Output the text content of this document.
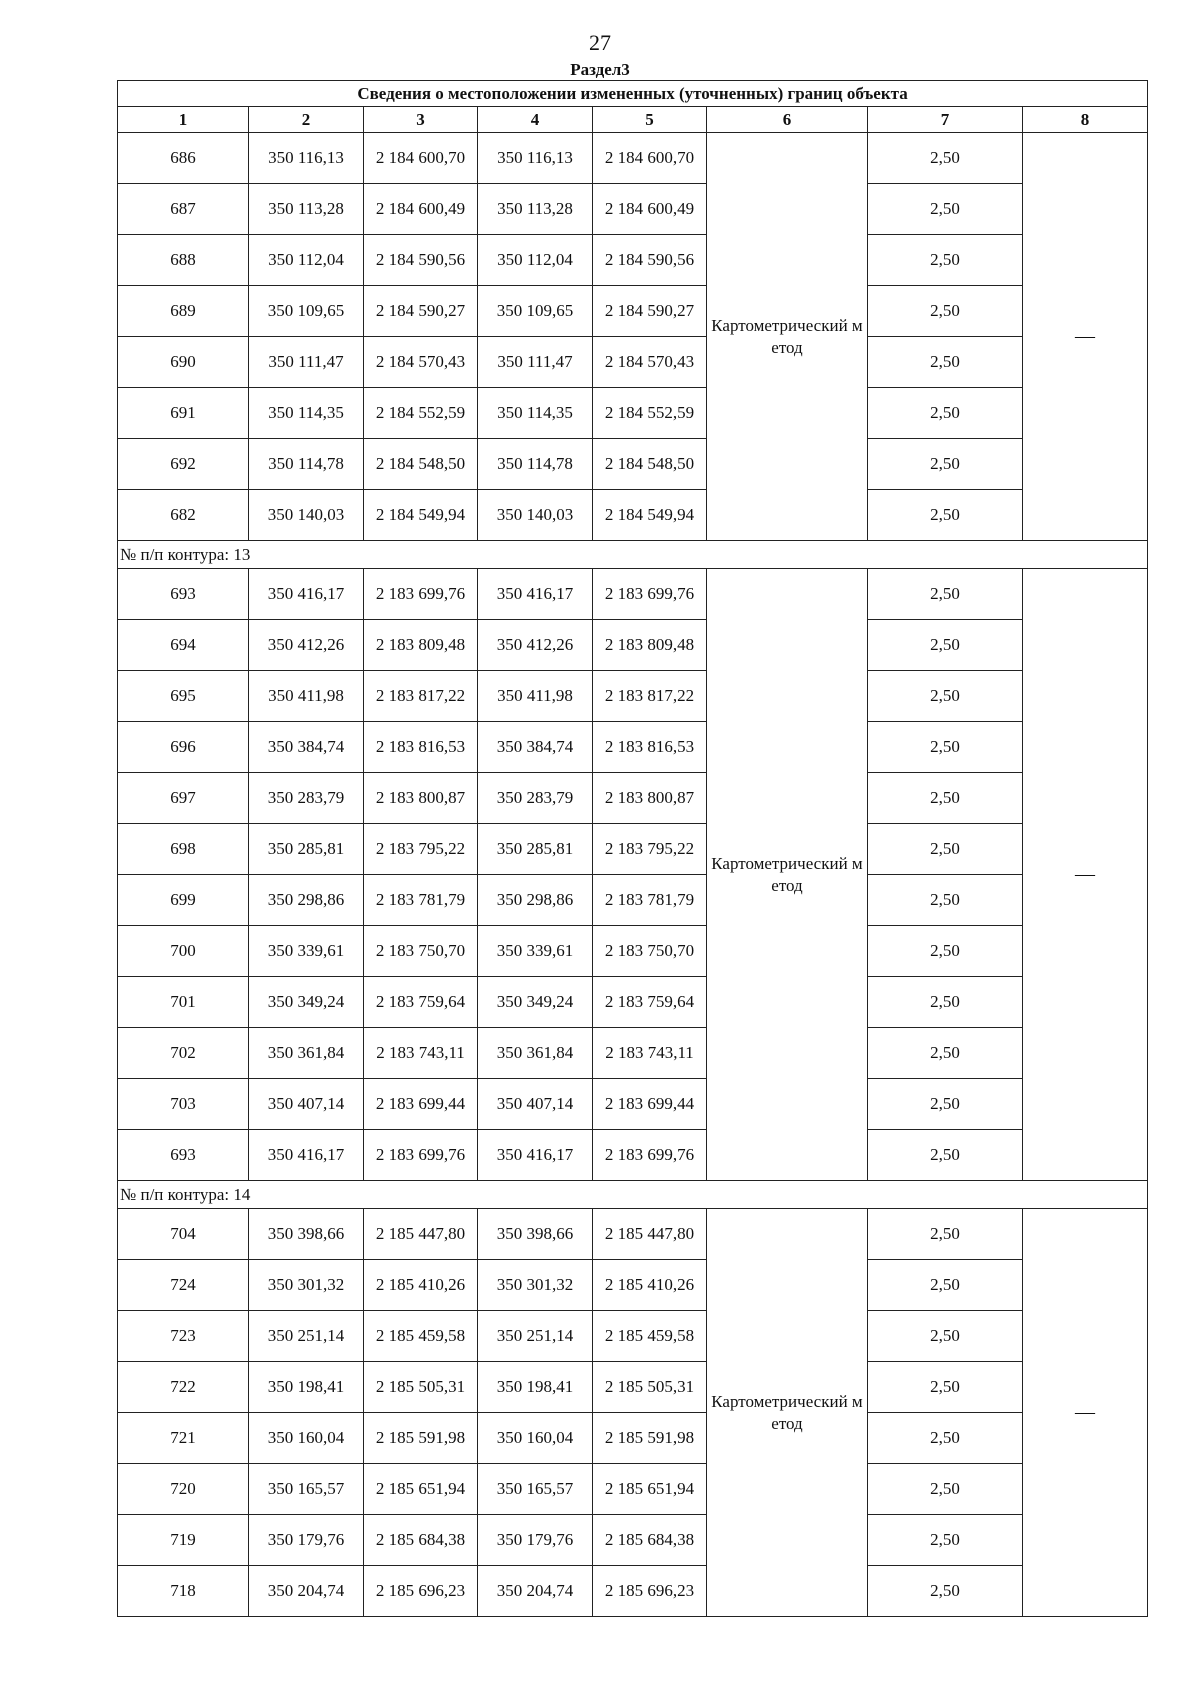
27
Раздел3
Сведения о местоположении измененных (уточненных) границ объекта							
1	2	3	4	5	6	7	8
686	350 116,13	2 184 600,70	350 116,13	2 184 600,70	Картометрический метод	2,50	—
687	350 113,28	2 184 600,49	350 113,28	2 184 600,49		2,50	
688	350 112,04	2 184 590,56	350 112,04	2 184 590,56		2,50	
689	350 109,65	2 184 590,27	350 109,65	2 184 590,27		2,50	
690	350 111,47	2 184 570,43	350 111,47	2 184 570,43		2,50	
691	350 114,35	2 184 552,59	350 114,35	2 184 552,59		2,50	
692	350 114,78	2 184 548,50	350 114,78	2 184 548,50		2,50	
682	350 140,03	2 184 549,94	350 140,03	2 184 549,94		2,50	
№ п/п контура: 13							
693	350 416,17	2 183 699,76	350 416,17	2 183 699,76	Картометрический метод	2,50	—
694	350 412,26	2 183 809,48	350 412,26	2 183 809,48		2,50	
695	350 411,98	2 183 817,22	350 411,98	2 183 817,22		2,50	
696	350 384,74	2 183 816,53	350 384,74	2 183 816,53		2,50	
697	350 283,79	2 183 800,87	350 283,79	2 183 800,87		2,50	
698	350 285,81	2 183 795,22	350 285,81	2 183 795,22		2,50	
699	350 298,86	2 183 781,79	350 298,86	2 183 781,79		2,50	
700	350 339,61	2 183 750,70	350 339,61	2 183 750,70		2,50	
701	350 349,24	2 183 759,64	350 349,24	2 183 759,64		2,50	
702	350 361,84	2 183 743,11	350 361,84	2 183 743,11		2,50	
703	350 407,14	2 183 699,44	350 407,14	2 183 699,44		2,50	
693	350 416,17	2 183 699,76	350 416,17	2 183 699,76		2,50	
№ п/п контура: 14							
704	350 398,66	2 185 447,80	350 398,66	2 185 447,80	Картометрический метод	2,50	—
724	350 301,32	2 185 410,26	350 301,32	2 185 410,26		2,50	
723	350 251,14	2 185 459,58	350 251,14	2 185 459,58		2,50	
722	350 198,41	2 185 505,31	350 198,41	2 185 505,31		2,50	
721	350 160,04	2 185 591,98	350 160,04	2 185 591,98		2,50	
720	350 165,57	2 185 651,94	350 165,57	2 185 651,94		2,50	
719	350 179,76	2 185 684,38	350 179,76	2 185 684,38		2,50	
718	350 204,74	2 185 696,23	350 204,74	2 185 696,23		2,50	
